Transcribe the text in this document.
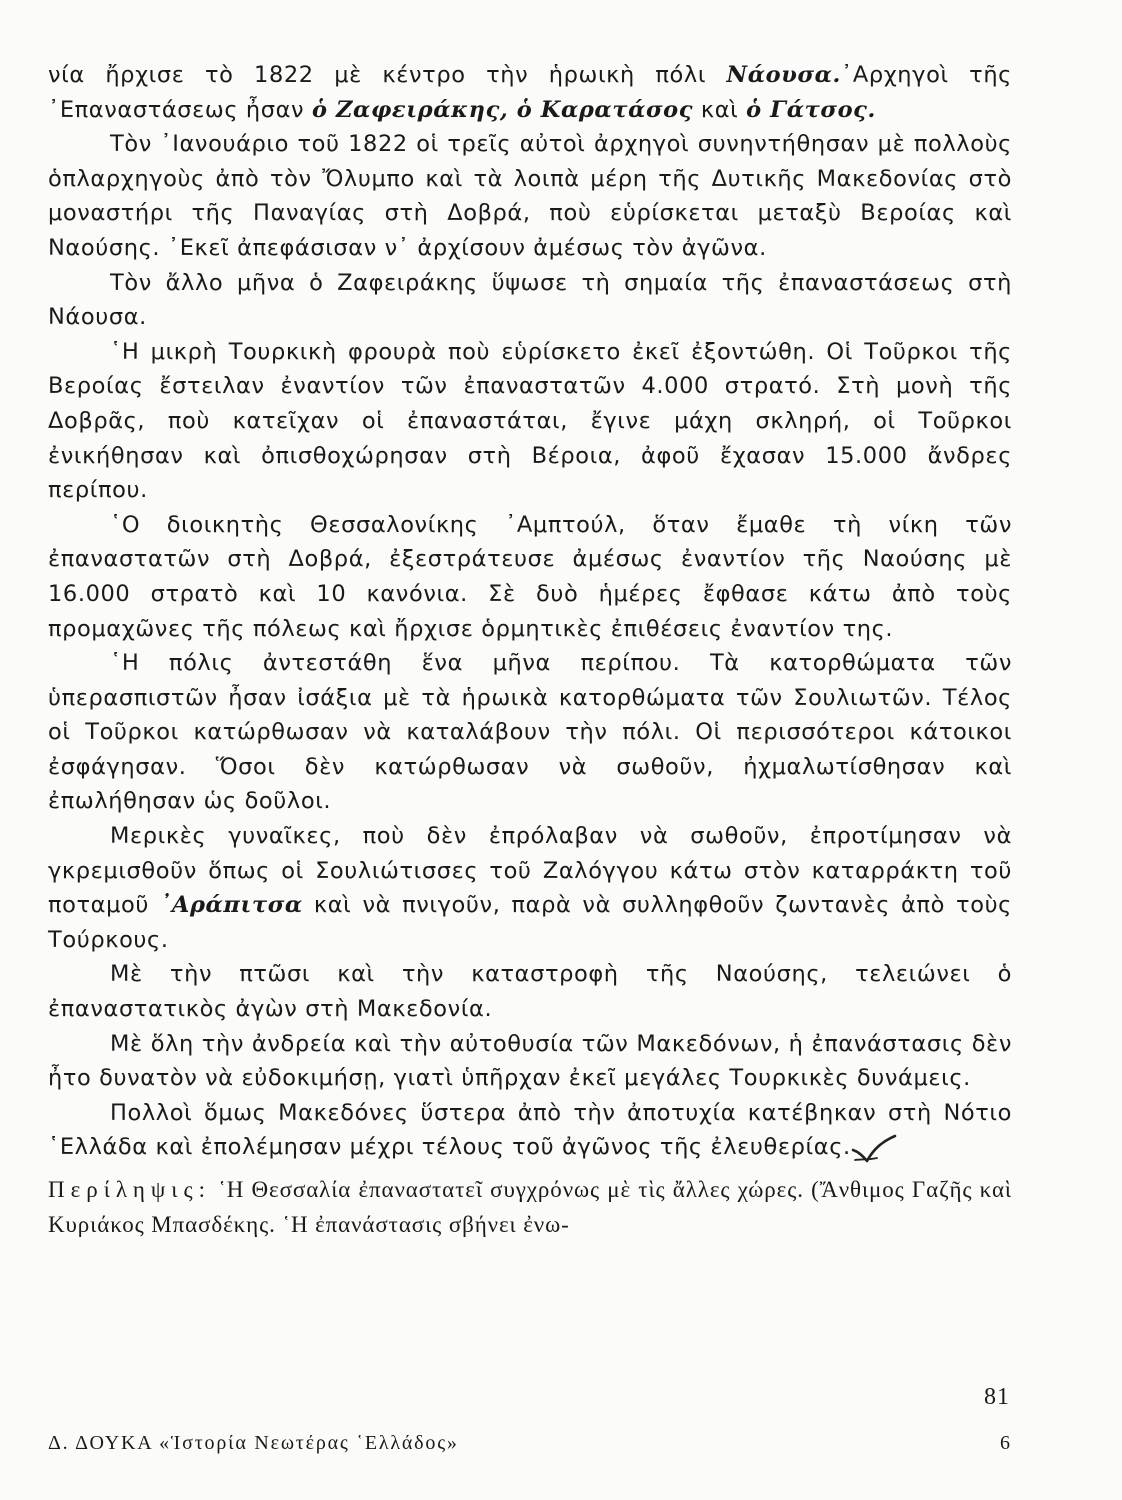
νία ἤρχισε τὸ 1822 μὲ κέντρο τὴν ἡρωικὴ πόλι Νάουσα.᾽Αρχηγοὶ τῆς ᾽Επαναστάσεως ἦσαν ὁ Ζαφειράκης, ὁ Καρατάσος καὶ ὁ Γάτσος.

Τὸν ᾽Ιανουάριο τοῦ 1822 οἱ τρεῖς αὐτοὶ ἀρχηγοὶ συνηντήθησαν μὲ πολλοὺς ὁπλαρχηγοὺς ἀπὸ τὸν Ὄλυμπο καὶ τὰ λοιπὰ μέρη τῆς Δυτικῆς Μακεδονίας στὸ μοναστήρι τῆς Παναγίας στὴ Δοβρά, ποὺ εὑρίσκεται μεταξὺ Βεροίας καὶ Ναούσης. ᾽Εκεῖ ἀπεφάσισαν ν᾽ ἀρχίσουν ἀμέσως τὸν ἀγῶνα.

Τὸν ἄλλο μῆνα ὁ Ζαφειράκης ὕψωσε τὴ σημαία τῆς ἐπαναστάσεως στὴ Νάουσα.

῾Η μικρὴ Τουρκικὴ φρουρὰ ποὺ εὑρίσκετο ἐκεῖ ἐξοντώθη. Οἱ Τοῦρκοι τῆς Βεροίας ἔστειλαν ἐναντίον τῶν ἐπαναστατῶν 4.000 στρατό. Στὴ μονὴ τῆς Δοβρᾶς, ποὺ κατεῖχαν οἱ ἐπαναστάται, ἔγινε μάχη σκληρή, οἱ Τοῦρκοι ἐνικήθησαν καὶ ὀπισθοχώρησαν στὴ Βέροια, ἀφοῦ ἔχασαν 15.000 ἄνδρες περίπου.

῾Ο διοικητὴς Θεσσαλονίκης ᾽Αμπτούλ, ὅταν ἔμαθε τὴ νίκη τῶν ἐπαναστατῶν στὴ Δοβρά, ἐξεστράτευσε ἀμέσως ἐναντίον τῆς Ναούσης μὲ 16.000 στρατὸ καὶ 10 κανόνια. Σὲ δυὸ ἡμέρες ἔφθασε κάτω ἀπὸ τοὺς προμαχῶνες τῆς πόλεως καὶ ἤρχισε ὁρμητικὲς ἐπιθέσεις ἐναντίον της.

῾Η πόλις ἀντεστάθη ἕνα μῆνα περίπου. Τὰ κατορθώματα τῶν ὑπερασπιστῶν ἦσαν ἰσάξια μὲ τὰ ἡρωικὰ κατορθώματα τῶν Σουλιωτῶν. Τέλος οἱ Τοῦρκοι κατώρθωσαν νὰ καταλάβουν τὴν πόλι. Οἱ περισσότεροι κάτοικοι ἐσφάγησαν. Ὅσοι δὲν κατώρθωσαν νὰ σωθοῦν, ἠχμαλωτίσθησαν καὶ ἐπωλήθησαν ὡς δοῦλοι.

Μερικὲς γυναῖκες, ποὺ δὲν ἐπρόλαβαν νὰ σωθοῦν, ἐπροτίμησαν νὰ γκρεμισθοῦν ὅπως οἱ Σουλιώτισσες τοῦ Ζαλόγγου κάτω στὸν καταρράκτη τοῦ ποταμοῦ ᾽Αράπιτσα καὶ νὰ πνιγοῦν, παρὰ νὰ συλληφθοῦν ζωντανὲς ἀπὸ τοὺς Τούρκους.

Μὲ τὴν πτῶσι καὶ τὴν καταστροφὴ τῆς Ναούσης, τελειώνει ὁ ἐπαναστατικὸς ἀγὼν στὴ Μακεδονία.

Μὲ ὅλη τὴν ἀνδρεία καὶ τὴν αὐτοθυσία τῶν Μακεδόνων, ἡ ἐπανάστασις δὲν ἦτο δυνατὸν νὰ εὐδοκιμήσῃ, γιατὶ ὑπῆρχαν ἐκεῖ μεγάλες Τουρκικὲς δυνάμεις.

Πολλοὶ ὅμως Μακεδόνες ὕστερα ἀπὸ τὴν ἀποτυχία κατέβηκαν στὴ Νότιο ῾Ελλάδα καὶ ἐπολέμησαν μέχρι τέλους τοῦ ἀγῶνος τῆς ἐλευθερίας.

Περίληψις: ῾Η Θεσσαλία ἐπαναστατεῖ συγχρόνως μὲ τὶς ἄλλες χώρες. (Ἄνθιμος Γαζῆς καὶ Κυριάκος Μπασδέκης. ῾Η ἐπανάστασις σβήνει ἐνω-

81
Δ. ΔΟΥΚΑ «Ἱστορία Νεωτέρας ῾Ελλάδος»	6
